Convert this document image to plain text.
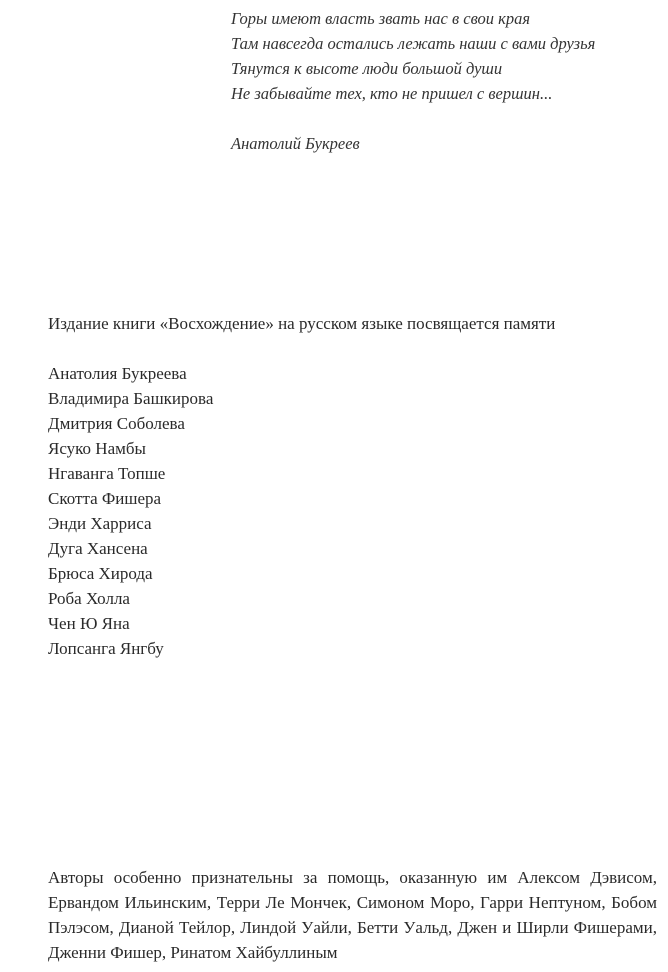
Горы имеют власть звать нас в свои края
Там навсегда остались лежать наши с вами друзья
Тянутся к высоте люди большой души
Не забывайте тех, кто не пришел с вершин...
Анатолий Букреев
Издание книги «Восхождение» на русском языке посвящается памяти
Анатолия Букреева
Владимира Башкирова
Дмитрия Соболева
Ясуко Намбы
Нгаванга Топше
Скотта Фишера
Энди Харриса
Дуга Хансена
Брюса Хирода
Роба Холла
Чен Ю Яна
Лопсанга Янгбу

Авторы особенно признательны за помощь, оказанную им Алексом Дэвисом, Ервандом Ильинским, Терри Ле Мончек, Симоном Моро, Гарри Нептуном, Бобом Пэлэсом, Дианой Тейлор, Линдой Уайли, Бетти Уальд, Джен и Ширли Фишерами, Дженни Фишер, Ринатом Хайбуллиным
